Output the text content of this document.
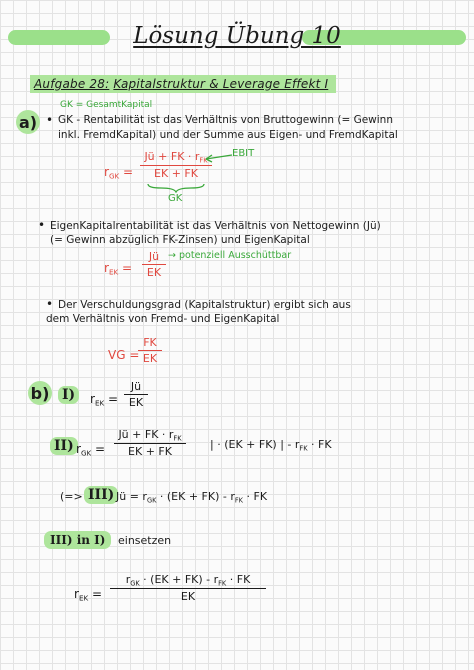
Lösung Übung 10
Aufgabe 28: Kapitalstruktur & Leverage Effekt I
GK = GesamtKapital
a) • GK - Rentabilität ist das Verhältnis von Bruttogewinn (= Gewinn
inkl. FremdKapital) und der Summe aus Eigen- und FremdKapital
$r_{GK}$ =
Jü + FK · $r_{FK}$
EK + FK
EBIT
GK
• EigenKapitalrentabilität ist das Verhältnis von Nettogewinn (Jü)
(= Gewinn abzüglich FK-Zinsen) und EigenKapital
$r_{EK} = \frac{Jü}{EK}$ → potenziell Ausschüttbar
• Der Verschuldungsgrad (Kapitalstruktur) ergibt sich aus
dem Verhältnis von Fremd- und EigenKapital
VG =
$\frac{FK}{EK}$
b) I)	$r_{EK} = \frac{Jü}{EK}$
II) $r_{GK}$ =
Jü + FK · $r_{FK}$
EK + FK
| · (EK + FK) | - $r_{FK}$ · FK
(=> III) Jü = $r_{GK} \cdot (EK + FK) - r_{FK}$ · FK
III) in I)	einsetzen
$r_{EK}$ =
$r_{GK} \cdot (EK + FK) - r_{FK}$ · FK
EK
